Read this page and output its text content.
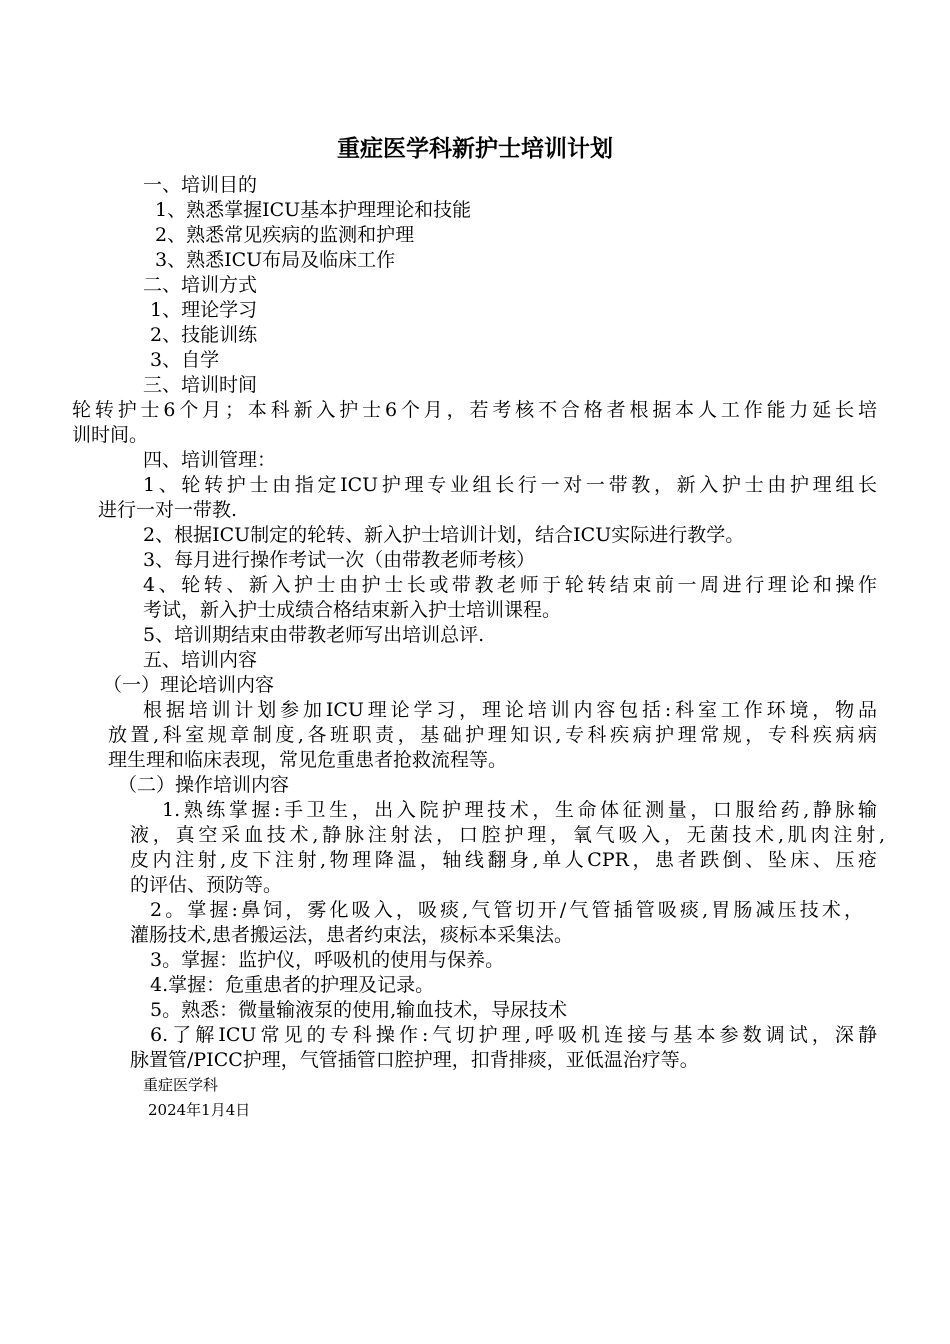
重症医学科新护士培训计划
一、培训目的
1、熟悉掌握ICU基本护理理论和技能
2、熟悉常见疾病的监测和护理
3、熟悉ICU布局及临床工作
二、培训方式
1、理论学习
2、技能训练
3、自学
三、培训时间
轮转护士6个月；本科新入护士6个月，若考核不合格者根据本人工作能力延长培
训时间。
四、培训管理：
1、轮转护士由指定ICU护理专业组长行一对一带教，新入护士由护理组长
进行一对一带教.
2、根据ICU制定的轮转、新入护士培训计划，结合ICU实际进行教学。
3、每月进行操作考试一次（由带教老师考核）
4、轮转、新入护士由护士长或带教老师于轮转结束前一周进行理论和操作
考试，新入护士成绩合格结束新入护士培训课程。
5、培训期结束由带教老师写出培训总评.
五、培训内容
（一）理论培训内容
根据培训计划参加ICU理论学习，理论培训内容包括:科室工作环境，物品
放置,科室规章制度,各班职责，基础护理知识,专科疾病护理常规，专科疾病病
理生理和临床表现，常见危重患者抢救流程等。
（二）操作培训内容
1.熟练掌握:手卫生，出入院护理技术，生命体征测量，口服给药,静脉输
液，真空采血技术,静脉注射法，口腔护理，氧气吸入，无菌技术,肌肉注射,
皮内注射,皮下注射,物理降温，轴线翻身,单人CPR，患者跌倒、坠床、压疮
的评估、预防等。
2。掌握:鼻饲，雾化吸入，吸痰,气管切开/气管插管吸痰,胃肠减压技术，
灌肠技术,患者搬运法，患者约束法，痰标本采集法。
3。掌握：监护仪，呼吸机的使用与保养。
4.掌握：危重患者的护理及记录。
5。熟悉：微量输液泵的使用,输血技术，导尿技术
6.了解ICU常见的专科操作:气切护理,呼吸机连接与基本参数调试，深静
脉置管/PICC护理，气管插管口腔护理，扣背排痰，亚低温治疗等。
重症医学科
2024年1月4日
